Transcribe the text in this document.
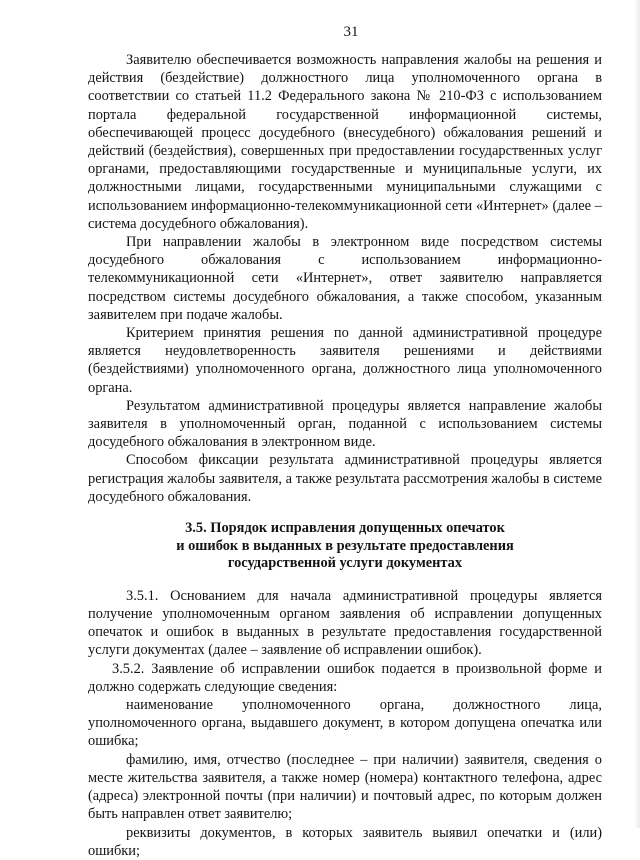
31

Заявителю обеспечивается возможность направления жалобы на решения и действия (бездействие) должностного лица уполномоченного органа в соответствии со статьей 11.2 Федерального закона № 210-ФЗ с использованием портала федеральной государственной информационной системы, обеспечивающей процесс досудебного (внесудебного) обжалования решений и действий (бездействия), совершенных при предоставлении государственных услуг органами, предоставляющими государственные и муниципальные услуги, их должностными лицами, государственными муниципальными служащими с использованием информационно-телекоммуникационной сети «Интернет» (далее – система досудебного обжалования).

При направлении жалобы в электронном виде посредством системы досудебного обжалования с использованием информационно-телекоммуникационной сети «Интернет», ответ заявителю направляется посредством системы досудебного обжалования, а также способом, указанным заявителем при подаче жалобы.

Критерием принятия решения по данной административной процедуре является неудовлетворенность заявителя решениями и действиями (бездействиями) уполномоченного органа, должностного лица уполномоченного органа.

Результатом административной процедуры является направление жалобы заявителя в уполномоченный орган, поданной с использованием системы досудебного обжалования в электронном виде.

Способом фиксации результата административной процедуры является регистрация жалобы заявителя, а также результата рассмотрения жалобы в системе досудебного обжалования.

3.5. Порядок исправления допущенных опечаток
и ошибок в выданных в результате предоставления
государственной услуги документах

3.5.1. Основанием для начала административной процедуры является получение уполномоченным органом заявления об исправлении допущенных опечаток и ошибок в выданных в результате предоставления государственной услуги документах (далее – заявление об исправлении ошибок).

3.5.2. Заявление об исправлении ошибок подается в произвольной форме и должно содержать следующие сведения:

наименование уполномоченного органа, должностного лица, уполномоченного органа, выдавшего документ, в котором допущена опечатка или ошибка;

фамилию, имя, отчество (последнее – при наличии) заявителя, сведения о месте жительства заявителя, а также номер (номера) контактного телефона, адрес (адреса) электронной почты (при наличии) и почтовый адрес, по которым должен быть направлен ответ заявителю;

реквизиты документов, в которых заявитель выявил опечатки и (или) ошибки;
